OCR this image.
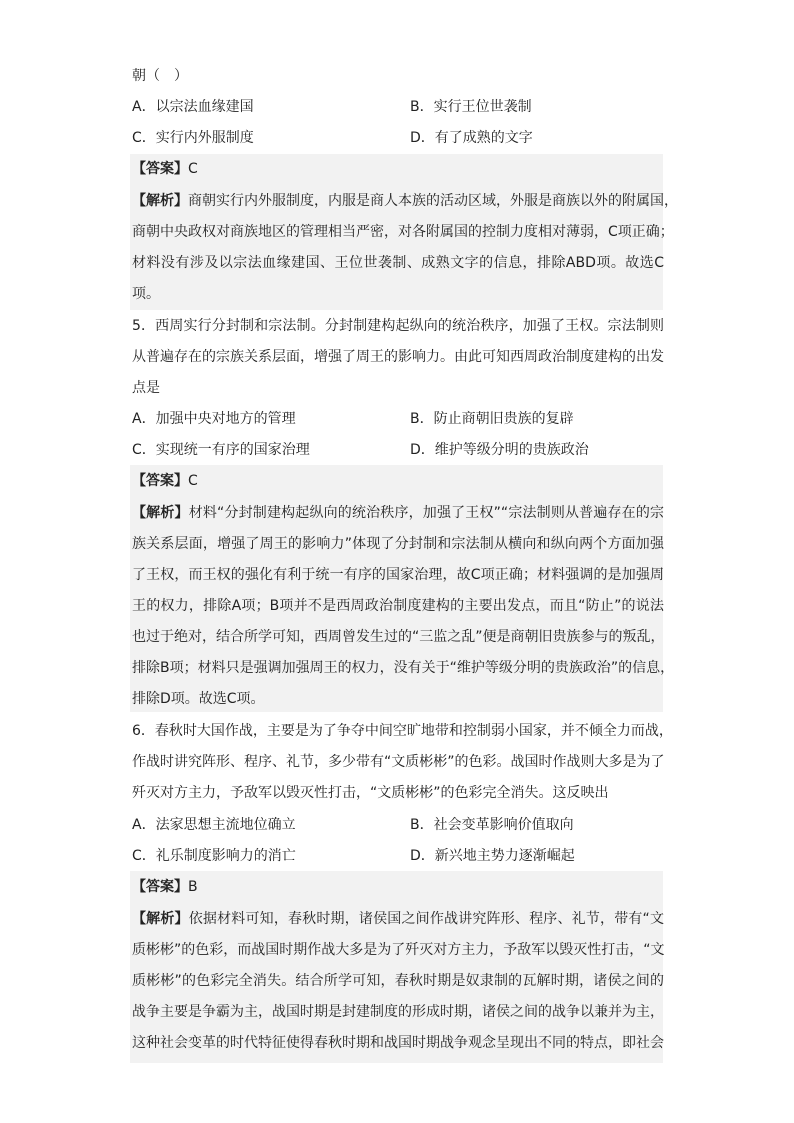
朝（　）
A．以宗法血缘建国	B．实行王位世袭制
C．实行内外服制度	D．有了成熟的文字
【答案】C
【解析】商朝实行内外服制度，内服是商人本族的活动区域，外服是商族以外的附属国，
商朝中央政权对商族地区的管理相当严密，对各附属国的控制力度相对薄弱，C项正确；
材料没有涉及以宗法血缘建国、王位世袭制、成熟文字的信息，排除ABD项。故选C
项。
5．西周实行分封制和宗法制。分封制建构起纵向的统治秩序，加强了王权。宗法制则
从普遍存在的宗族关系层面，增强了周王的影响力。由此可知西周政治制度建构的出发
点是
A．加强中央对地方的管理	B．防止商朝旧贵族的复辟
C．实现统一有序的国家治理	D．维护等级分明的贵族政治
【答案】C
【解析】材料“分封制建构起纵向的统治秩序，加强了王权”“宗法制则从普遍存在的宗
族关系层面，增强了周王的影响力”体现了分封制和宗法制从横向和纵向两个方面加强
了王权，而王权的强化有利于统一有序的国家治理，故C项正确；材料强调的是加强周
王的权力，排除A项；B项并不是西周政治制度建构的主要出发点，而且“防止”的说法
也过于绝对，结合所学可知，西周曾发生过的“三监之乱”便是商朝旧贵族参与的叛乱，
排除B项；材料只是强调加强周王的权力，没有关于“维护等级分明的贵族政治”的信息，
排除D项。故选C项。
6．春秋时大国作战，主要是为了争夺中间空旷地带和控制弱小国家，并不倾全力而战，
作战时讲究阵形、程序、礼节，多少带有“文质彬彬”的色彩。战国时作战则大多是为了
歼灭对方主力，予敌军以毁灭性打击，“文质彬彬”的色彩完全消失。这反映出
A．法家思想主流地位确立	B．社会变革影响价值取向
C．礼乐制度影响力的消亡	D．新兴地主势力逐渐崛起
【答案】B
【解析】依据材料可知，春秋时期，诸侯国之间作战讲究阵形、程序、礼节，带有“文
质彬彬”的色彩，而战国时期作战大多是为了歼灭对方主力，予敌军以毁灭性打击，“文
质彬彬”的色彩完全消失。结合所学可知，春秋时期是奴隶制的瓦解时期，诸侯之间的
战争主要是争霸为主，战国时期是封建制度的形成时期，诸侯之间的战争以兼并为主，
这种社会变革的时代特征使得春秋时期和战国时期战争观念呈现出不同的特点，即社会
